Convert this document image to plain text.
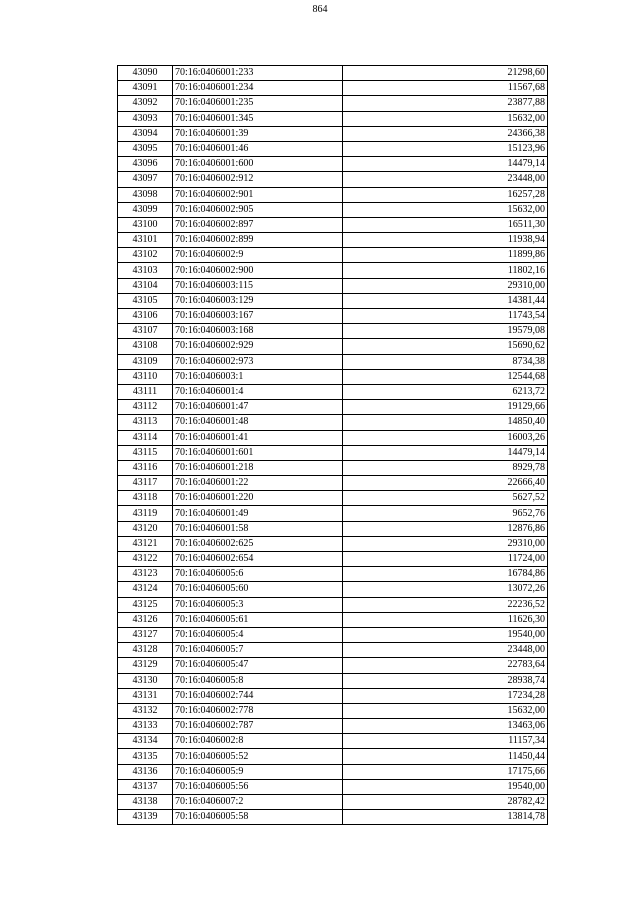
864
43090	70:16:0406001:233	21298,60
43091	70:16:0406001:234	11567,68
43092	70:16:0406001:235	23877,88
43093	70:16:0406001:345	15632,00
43094	70:16:0406001:39	24366,38
43095	70:16:0406001:46	15123,96
43096	70:16:0406001:600	14479,14
43097	70:16:0406002:912	23448,00
43098	70:16:0406002:901	16257,28
43099	70:16:0406002:905	15632,00
43100	70:16:0406002:897	16511,30
43101	70:16:0406002:899	11938,94
43102	70:16:0406002:9	11899,86
43103	70:16:0406002:900	11802,16
43104	70:16:0406003:115	29310,00
43105	70:16:0406003:129	14381,44
43106	70:16:0406003:167	11743,54
43107	70:16:0406003:168	19579,08
43108	70:16:0406002:929	15690,62
43109	70:16:0406002:973	8734,38
43110	70:16:0406003:1	12544,68
43111	70:16:0406001:4	6213,72
43112	70:16:0406001:47	19129,66
43113	70:16:0406001:48	14850,40
43114	70:16:0406001:41	16003,26
43115	70:16:0406001:601	14479,14
43116	70:16:0406001:218	8929,78
43117	70:16:0406001:22	22666,40
43118	70:16:0406001:220	5627,52
43119	70:16:0406001:49	9652,76
43120	70:16:0406001:58	12876,86
43121	70:16:0406002:625	29310,00
43122	70:16:0406002:654	11724,00
43123	70:16:0406005:6	16784,86
43124	70:16:0406005:60	13072,26
43125	70:16:0406005:3	22236,52
43126	70:16:0406005:61	11626,30
43127	70:16:0406005:4	19540,00
43128	70:16:0406005:7	23448,00
43129	70:16:0406005:47	22783,64
43130	70:16:0406005:8	28938,74
43131	70:16:0406002:744	17234,28
43132	70:16:0406002:778	15632,00
43133	70:16:0406002:787	13463,06
43134	70:16:0406002:8	11157,34
43135	70:16:0406005:52	11450,44
43136	70:16:0406005:9	17175,66
43137	70:16:0406005:56	19540,00
43138	70:16:0406007:2	28782,42
43139	70:16:0406005:58	13814,78
